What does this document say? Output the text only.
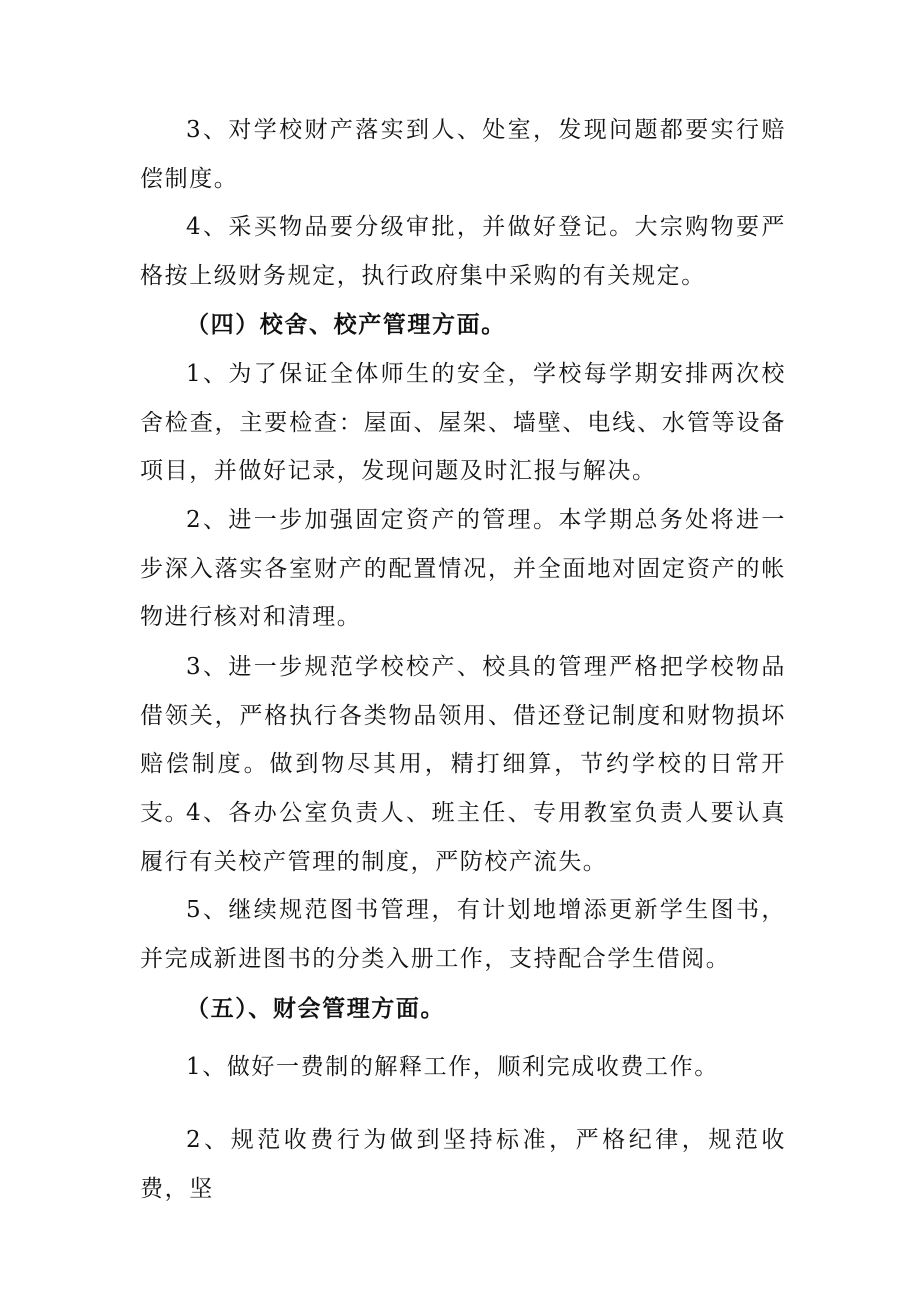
3、对学校财产落实到人、处室，发现问题都要实行赔偿制度。

4、采买物品要分级审批，并做好登记。大宗购物要严格按上级财务规定，执行政府集中采购的有关规定。

（四）校舍、校产管理方面。

1、为了保证全体师生的安全，学校每学期安排两次校舍检查，主要检查：屋面、屋架、墙壁、电线、水管等设备项目，并做好记录，发现问题及时汇报与解决。

2、进一步加强固定资产的管理。本学期总务处将进一步深入落实各室财产的配置情况，并全面地对固定资产的帐物进行核对和清理。

3、进一步规范学校校产、校具的管理严格把学校物品借领关，严格执行各类物品领用、借还登记制度和财物损坏赔偿制度。做到物尽其用，精打细算，节约学校的日常开支。

4、各办公室负责人、班主任、专用教室负责人要认真履行有关校产管理的制度，严防校产流失。

5、继续规范图书管理，有计划地增添更新学生图书，并完成新进图书的分类入册工作，支持配合学生借阅。

（五）、财会管理方面。

1、做好一费制的解释工作，顺利完成收费工作。

2、规范收费行为做到坚持标准，严格纪律，规范收费，坚
